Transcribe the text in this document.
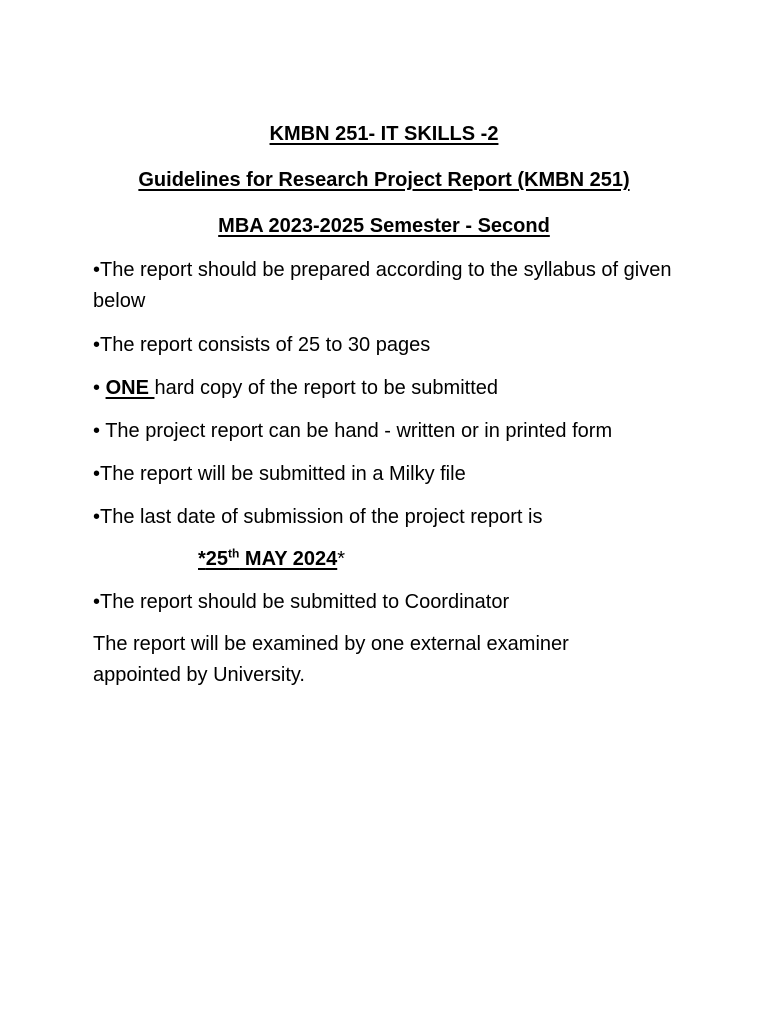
KMBN 251- IT SKILLS -2
Guidelines for Research Project Report (KMBN 251)
MBA 2023-2025 Semester - Second
•The report should be prepared according to the syllabus of given below
•The report consists of 25 to 30 pages
• ONE hard copy of the report to be submitted
• The project report can be hand - written or in printed form
•The report will be submitted in a Milky file
•The last date of submission of the project report is
*25th MAY 2024*
•The report should be submitted to Coordinator
The report will be examined by one external examiner appointed by University.
